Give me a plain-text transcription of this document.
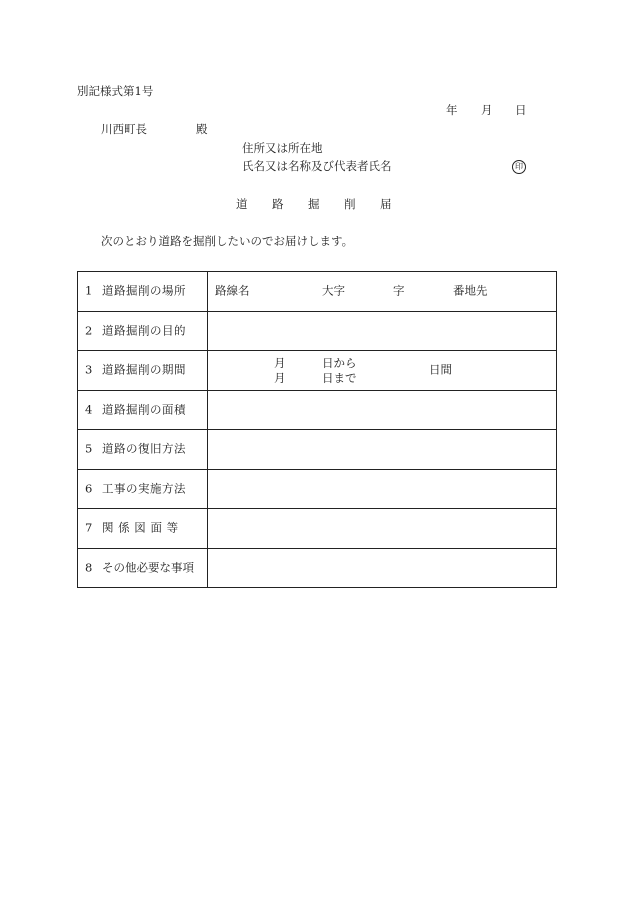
別記様式第1号
年 月 日
川西町長	殿
住所又は所在地
氏名又は名称及び代表者氏名	印
道 路 掘 削 届
次のとおり道路を掘削したいのでお届けします。
1 道路掘削の場所	路線名 大字 字 番地先

2 道路掘削の目的	

3 道路掘削の期間	月 日から
月 日まで
日間

4 道路掘削の面積	

5 道路の復旧方法	

6 工事の実施方法	

7 関 係 図 面 等	

8 その他必要な事項	
